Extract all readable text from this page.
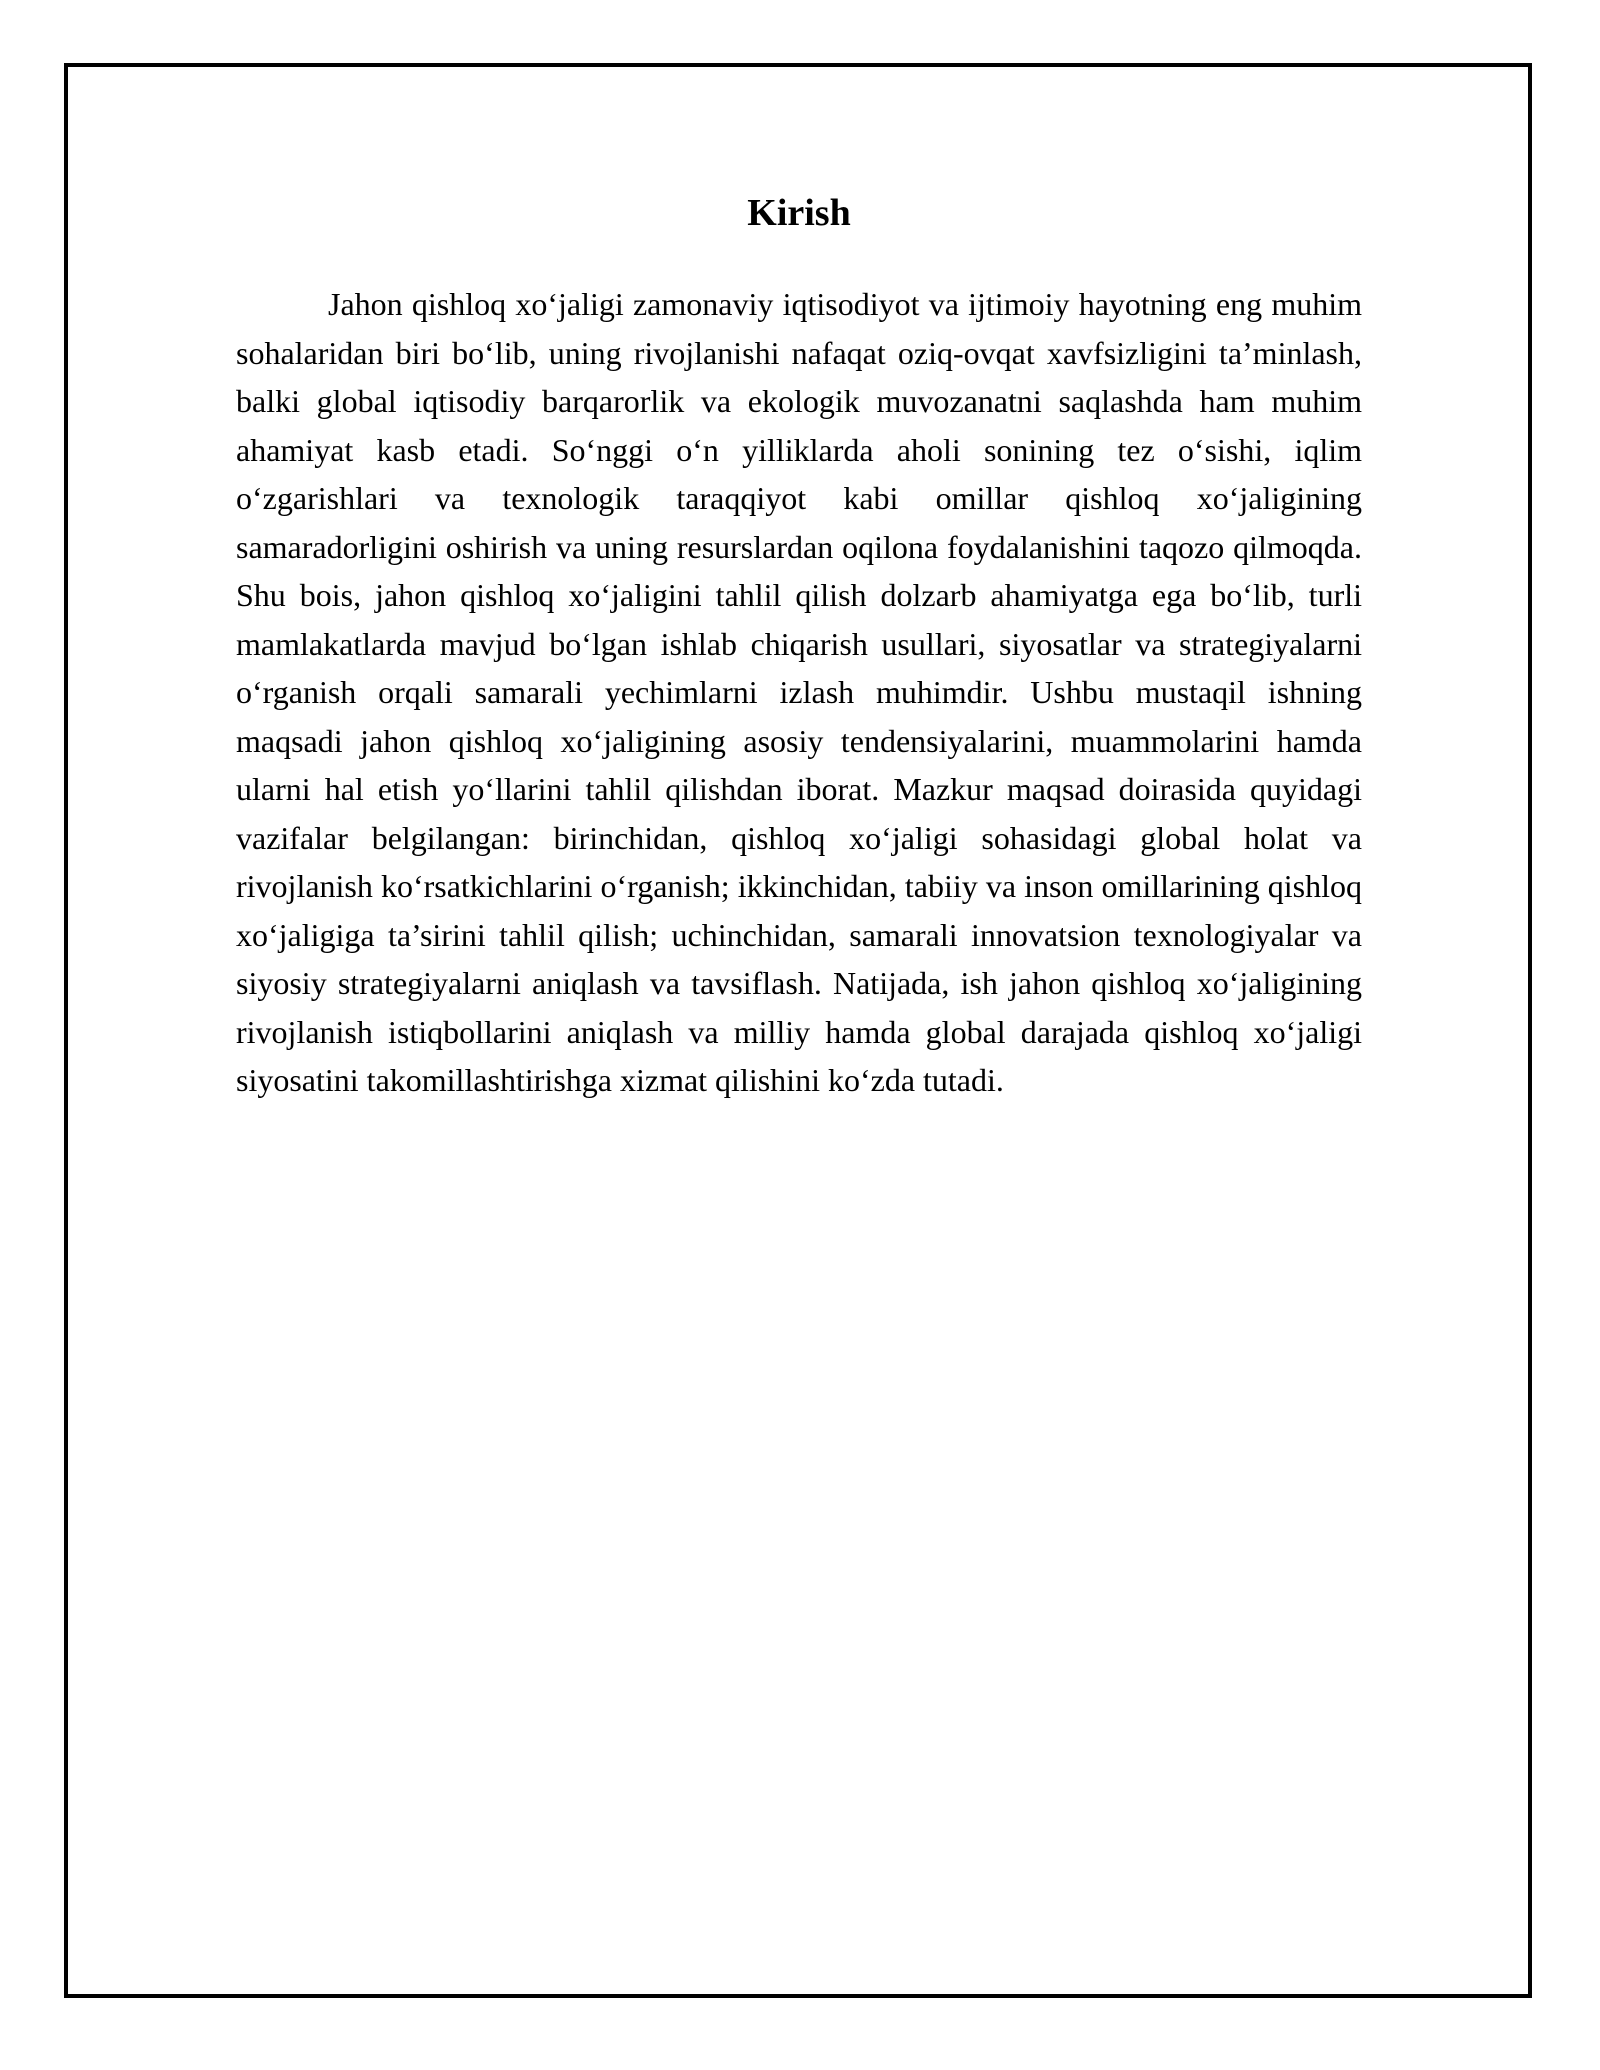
Kirish

Jahon qishloq xo‘jaligi zamonaviy iqtisodiyot va ijtimoiy hayotning eng muhim sohalaridan biri bo‘lib, uning rivojlanishi nafaqat oziq-ovqat xavfsizligini ta’minlash, balki global iqtisodiy barqarorlik va ekologik muvozanatni saqlashda ham muhim ahamiyat kasb etadi. So‘nggi o‘n yilliklarda aholi sonining tez o‘sishi, iqlim o‘zgarishlari va texnologik taraqqiyot kabi omillar qishloq xo‘jaligining samaradorligini oshirish va uning resurslardan oqilona foydalanishini taqozo qilmoqda. Shu bois, jahon qishloq xo‘jaligini tahlil qilish dolzarb ahamiyatga ega bo‘lib, turli mamlakatlarda mavjud bo‘lgan ishlab chiqarish usullari, siyosatlar va strategiyalarni o‘rganish orqali samarali yechimlarni izlash muhimdir. Ushbu mustaqil ishning maqsadi jahon qishloq xo‘jaligining asosiy tendensiyalarini, muammolarini hamda ularni hal etish yo‘llarini tahlil qilishdan iborat. Mazkur maqsad doirasida quyidagi vazifalar belgilangan: birinchidan, qishloq xo‘jaligi sohasidagi global holat va rivojlanish ko‘rsatkichlarini o‘rganish; ikkinchidan, tabiiy va inson omillarining qishloq xo‘jaligiga ta’sirini tahlil qilish; uchinchidan, samarali innovatsion texnologiyalar va siyosiy strategiyalarni aniqlash va tavsiflash. Natijada, ish jahon qishloq xo‘jaligining rivojlanish istiqbollarini aniqlash va milliy hamda global darajada qishloq xo‘jaligi siyosatini takomillashtirishga xizmat qilishini ko‘zda tutadi.
